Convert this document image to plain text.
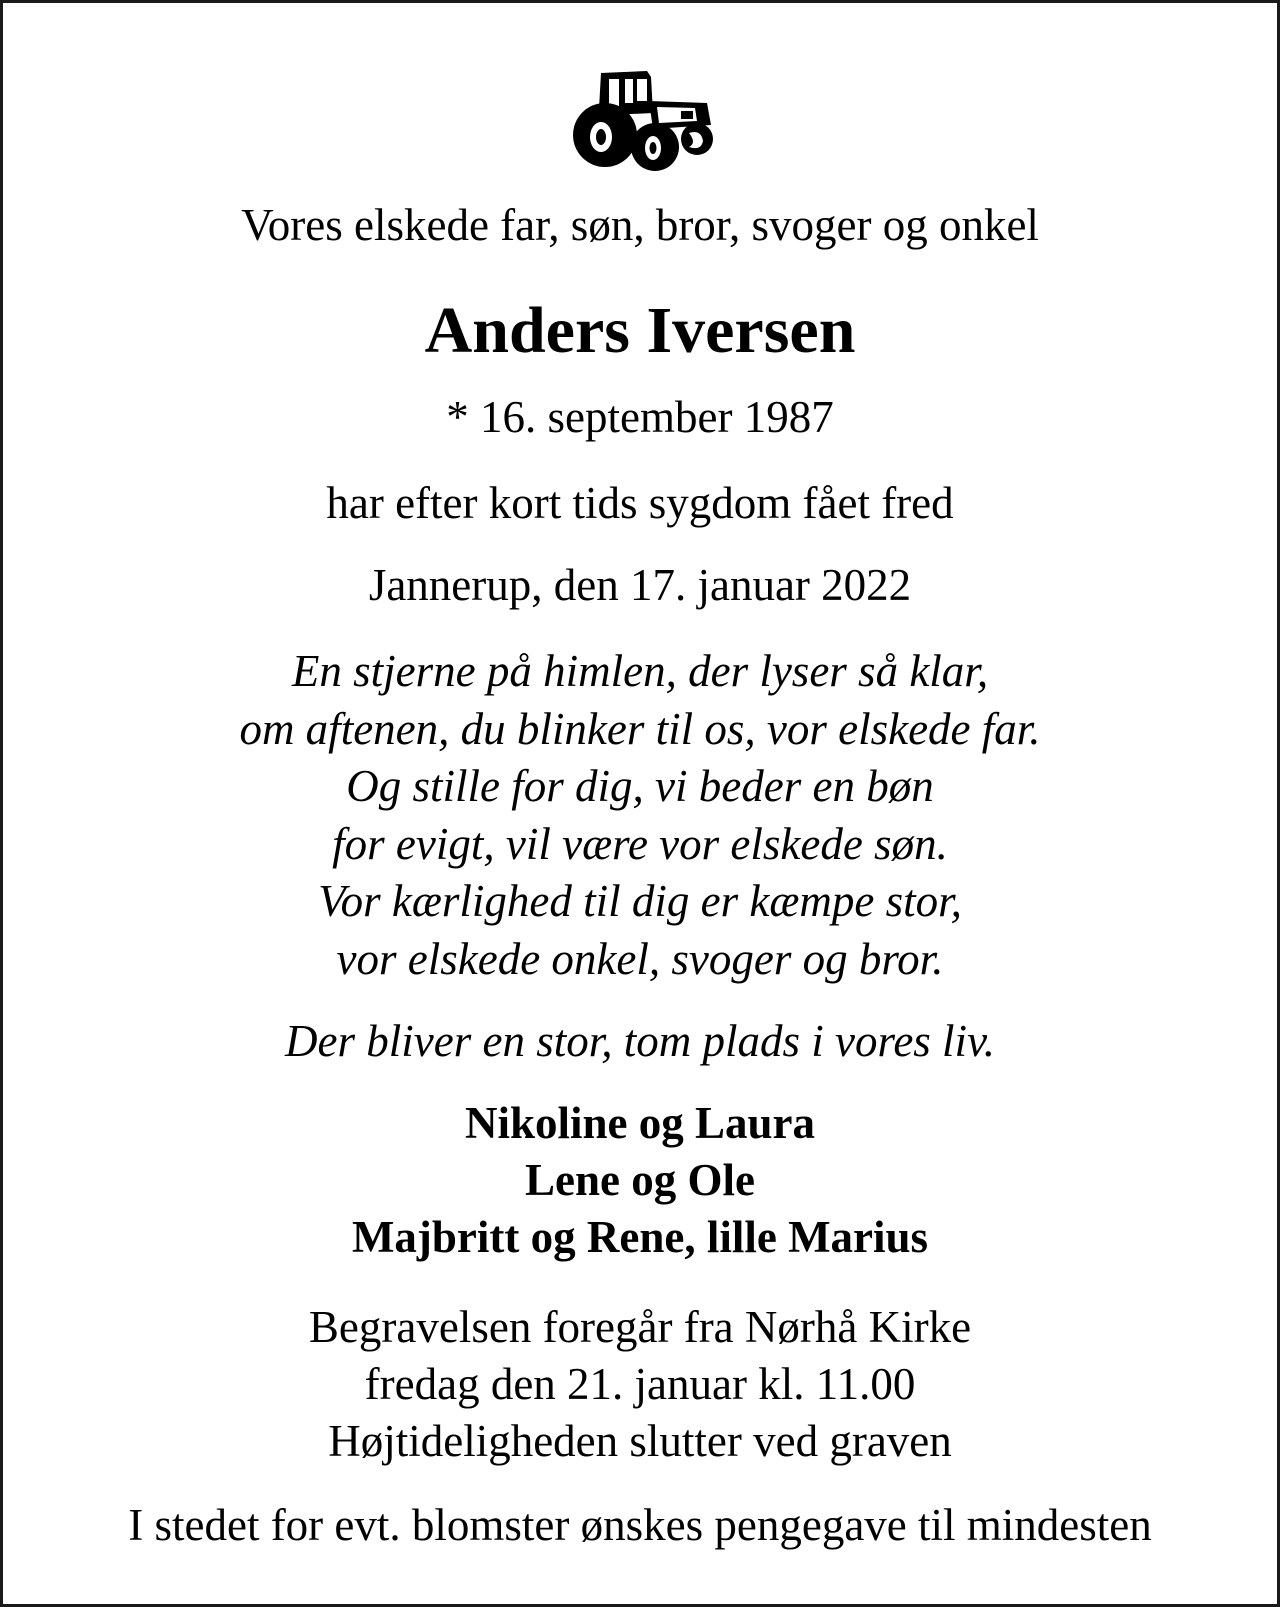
Vores elskede far, søn, bror, svoger og onkel
Anders Iversen
* 16. september 1987
har efter kort tids sygdom fået fred
Jannerup, den 17. januar 2022
En stjerne på himlen, der lyser så klar,
om aftenen, du blinker til os, vor elskede far.
Og stille for dig, vi beder en bøn
for evigt, vil være vor elskede søn.
Vor kærlighed til dig er kæmpe stor,
vor elskede onkel, svoger og bror.
Der bliver en stor, tom plads i vores liv.
Nikoline og Laura
Lene og Ole
Majbritt og Rene, lille Marius
Begravelsen foregår fra Nørhå Kirke
fredag den 21. januar kl. 11.00
Højtideligheden slutter ved graven
I stedet for evt. blomster ønskes pengegave til mindesten
